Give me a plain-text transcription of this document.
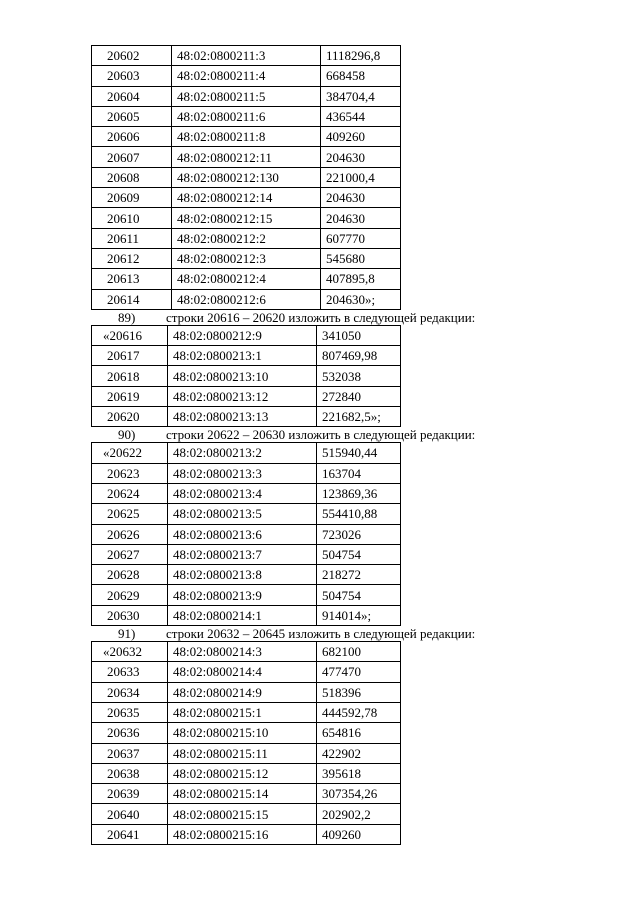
20602	48:02:0800211:3	1118296,8
20603	48:02:0800211:4	668458
20604	48:02:0800211:5	384704,4
20605	48:02:0800211:6	436544
20606	48:02:0800211:8	409260
20607	48:02:0800212:11	204630
20608	48:02:0800212:130	221000,4
20609	48:02:0800212:14	204630
20610	48:02:0800212:15	204630
20611	48:02:0800212:2	607770
20612	48:02:0800212:3	545680
20613	48:02:0800212:4	407895,8
20614	48:02:0800212:6	204630»;
89) строки 20616 – 20620 изложить в следующей редакции:
«20616	48:02:0800212:9	341050
20617	48:02:0800213:1	807469,98
20618	48:02:0800213:10	532038
20619	48:02:0800213:12	272840
20620	48:02:0800213:13	221682,5»;
90) строки 20622 – 20630 изложить в следующей редакции:
«20622	48:02:0800213:2	515940,44
20623	48:02:0800213:3	163704
20624	48:02:0800213:4	123869,36
20625	48:02:0800213:5	554410,88
20626	48:02:0800213:6	723026
20627	48:02:0800213:7	504754
20628	48:02:0800213:8	218272
20629	48:02:0800213:9	504754
20630	48:02:0800214:1	914014»;
91) строки 20632 – 20645 изложить в следующей редакции:
«20632	48:02:0800214:3	682100
20633	48:02:0800214:4	477470
20634	48:02:0800214:9	518396
20635	48:02:0800215:1	444592,78
20636	48:02:0800215:10	654816
20637	48:02:0800215:11	422902
20638	48:02:0800215:12	395618
20639	48:02:0800215:14	307354,26
20640	48:02:0800215:15	202902,2
20641	48:02:0800215:16	409260
